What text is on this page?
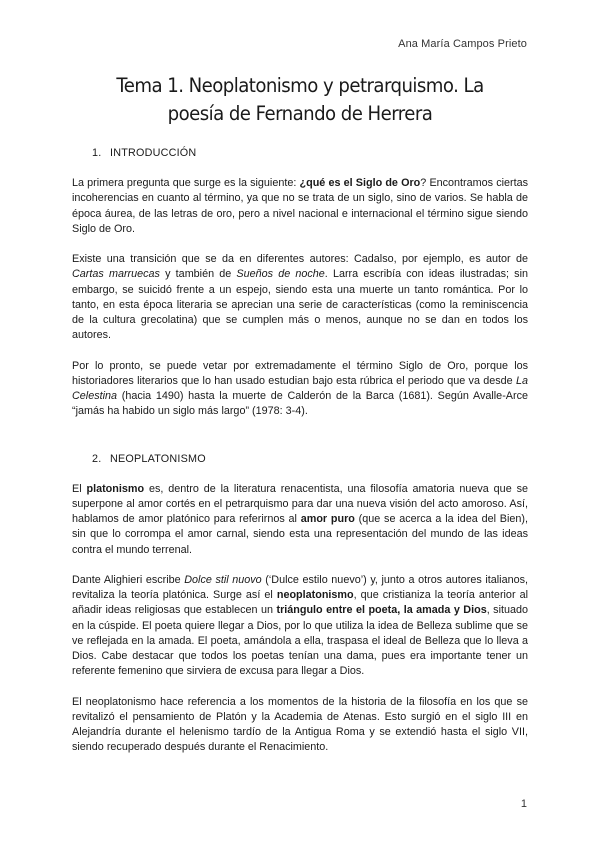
Ana María Campos Prieto
Tema 1. Neoplatonismo y petrarquismo. La poesía de Fernando de Herrera
1. INTRODUCCIÓN

La primera pregunta que surge es la siguiente: ¿qué es el Siglo de Oro? Encontramos ciertas incoherencias en cuanto al término, ya que no se trata de un siglo, sino de varios. Se habla de época áurea, de las letras de oro, pero a nivel nacional e internacional el término sigue siendo Siglo de Oro.

Existe una transición que se da en diferentes autores: Cadalso, por ejemplo, es autor de Cartas marruecas y también de Sueños de noche. Larra escribía con ideas ilustradas; sin embargo, se suicidó frente a un espejo, siendo esta una muerte un tanto romántica. Por lo tanto, en esta época literaria se aprecian una serie de características (como la reminiscencia de la cultura grecolatina) que se cumplen más o menos, aunque no se dan en todos los autores.

Por lo pronto, se puede vetar por extremadamente el término Siglo de Oro, porque los historiadores literarios que lo han usado estudian bajo esta rúbrica el periodo que va desde La Celestina (hacia 1490) hasta la muerte de Calderón de la Barca (1681). Según Avalle-Arce “jamás ha habido un siglo más largo” (1978: 3-4).

2. NEOPLATONISMO

El platonismo es, dentro de la literatura renacentista, una filosofía amatoria nueva que se superpone al amor cortés en el petrarquismo para dar una nueva visión del acto amoroso. Así, hablamos de amor platónico para referirnos al amor puro (que se acerca a la idea del Bien), sin que lo corrompa el amor carnal, siendo esta una representación del mundo de las ideas contra el mundo terrenal.

Dante Alighieri escribe Dolce stil nuovo (‘Dulce estilo nuevo’) y, junto a otros autores italianos, revitaliza la teoría platónica. Surge así el neoplatonismo, que cristianiza la teoría anterior al añadir ideas religiosas que establecen un triángulo entre el poeta, la amada y Dios, situado en la cúspide. El poeta quiere llegar a Dios, por lo que utiliza la idea de Belleza sublime que se ve reflejada en la amada. El poeta, amándola a ella, traspasa el ideal de Belleza que lo lleva a Dios. Cabe destacar que todos los poetas tenían una dama, pues era importante tener un referente femenino que sirviera de excusa para llegar a Dios.

El neoplatonismo hace referencia a los momentos de la historia de la filosofía en los que se revitalizó el pensamiento de Platón y la Academia de Atenas. Esto surgió en el siglo III en Alejandría durante el helenismo tardío de la Antigua Roma y se extendió hasta el siglo VII, siendo recuperado después durante el Renacimiento.

1
